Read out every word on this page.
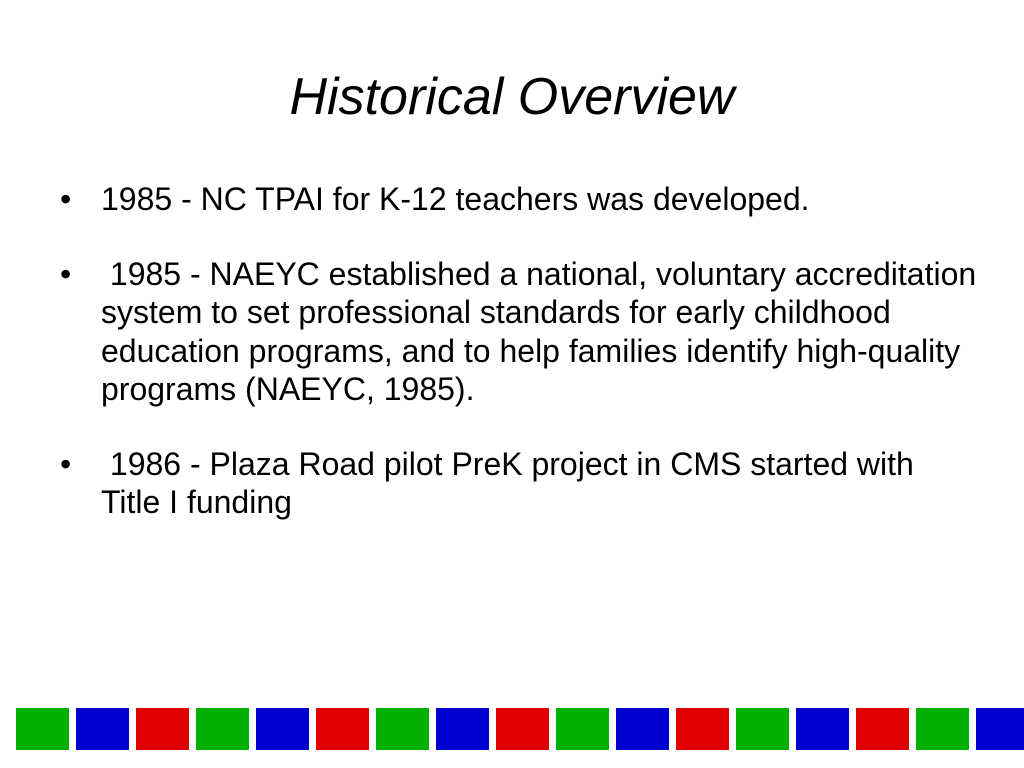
Historical Overview
• 1985 - NC TPAI for K-12 teachers was developed.
• 1985 - NAEYC established a national, voluntary accreditation system to set professional standards for early childhood education programs, and to help families identify high-quality programs (NAEYC, 1985).
• 1986 - Plaza Road pilot PreK project in CMS started with Title I funding
